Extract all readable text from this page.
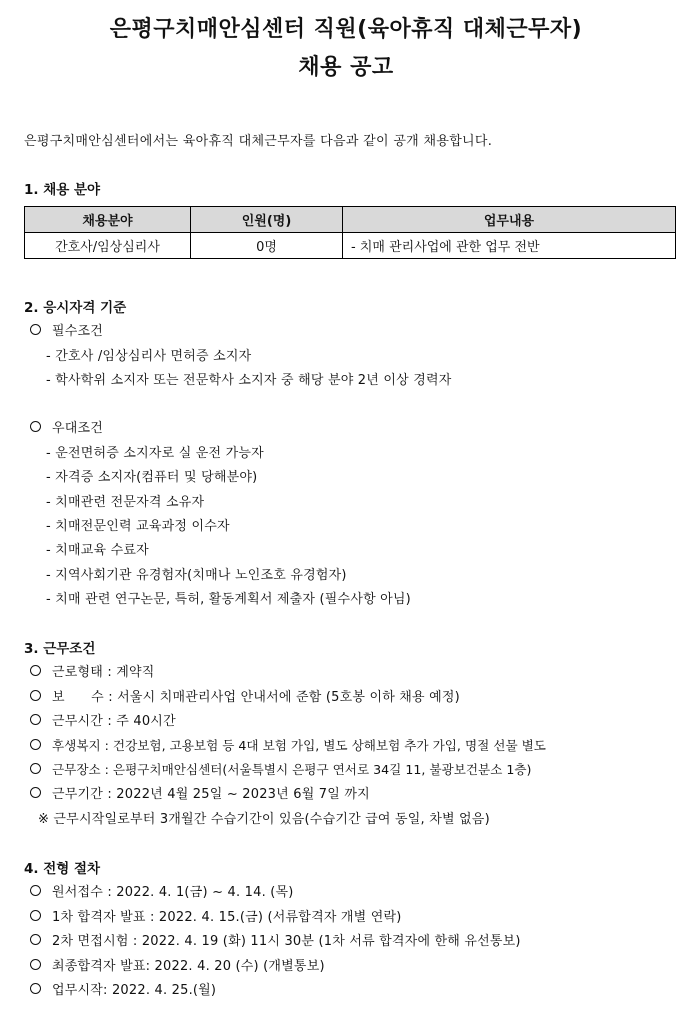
은평구치매안심센터 직원(육아휴직 대체근무자)
채용 공고
은평구치매안심센터에서는 육아휴직 대체근무자를 다음과 같이 공개 채용합니다.
1. 채용 분야
채용분야	인원(명)	업무내용
간호사/임상심리사	0명	- 치매 관리사업에 관한 업무 전반
2. 응시자격 기준
필수조건
- 간호사 /임상심리사 면허증 소지자
- 학사학위 소지자 또는 전문학사 소지자 중 해당 분야 2년 이상 경력자
우대조건
- 운전면허증 소지자로 실 운전 가능자
- 자격증 소지자(컴퓨터 및 당해분야)
- 치매관련 전문자격 소유자
- 치매전문인력 교육과정 이수자
- 치매교육 수료자
- 지역사회기관 유경험자(치매나 노인조호 유경험자)
- 치매 관련 연구논문, 특허, 활동계획서 제출자 (필수사항 아님)
3. 근무조건
근로형태 : 계약직
보　　수 : 서울시 치매관리사업 안내서에 준함 (5호봉 이하 채용 예정)
근무시간 : 주 40시간
후생복지 : 건강보험, 고용보험 등 4대 보험 가입, 별도 상해보험 추가 가입, 명절 선물 별도
근무장소 : 은평구치매안심센터(서울특별시 은평구 연서로 34길 11, 불광보건분소 1층)
근무기간 : 2022년 4월 25일 ~ 2023년 6월 7일 까지
※ 근무시작일로부터 3개월간 수습기간이 있음(수습기간 급여 동일, 차별 없음)
4. 전형 절차
원서접수 : 2022. 4. 1(금) ~ 4. 14. (목)
1차 합격자 발표 : 2022. 4. 15.(금) (서류합격자 개별 연락)
2차 면접시험 : 2022. 4. 19 (화) 11시 30분 (1차 서류 합격자에 한해 유선통보)
최종합격자 발표: 2022. 4. 20 (수) (개별통보)
업무시작: 2022. 4. 25.(월)
